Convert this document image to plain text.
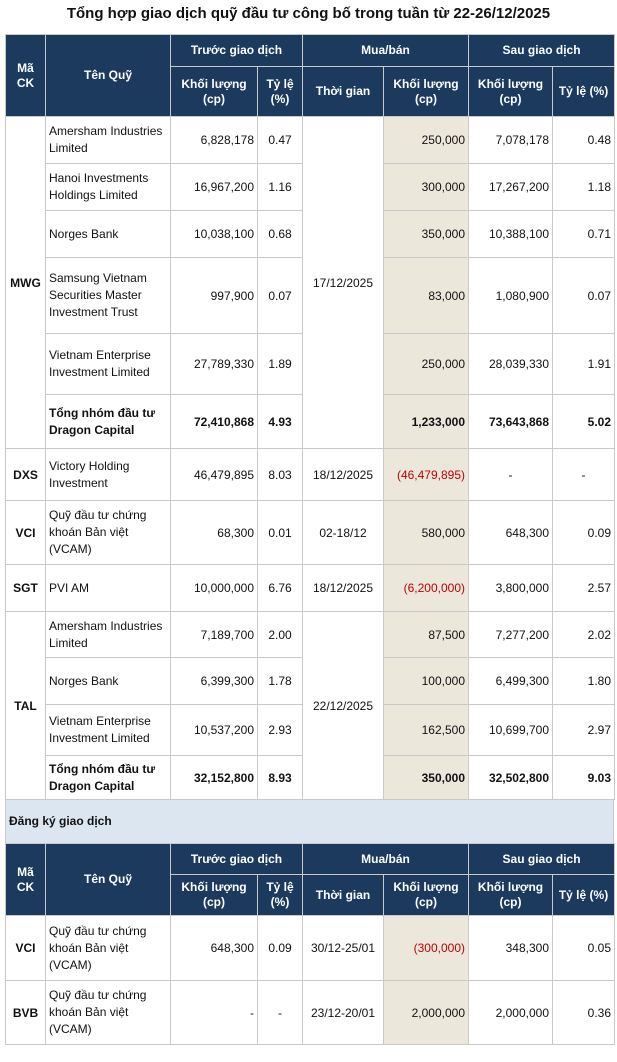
Tổng hợp giao dịch quỹ đầu tư công bố trong tuần từ 22-26/12/2025
Mã CK	Tên Quỹ	Trước giao dịch		Mua/bán		Sau giao dịch	
		Khối lượng (cp)	Tỷ lệ (%)	Thời gian	Khối lượng (cp)	Khối lượng (cp)	Tỷ lệ (%)
MWG	Amersham Industries Limited	6,828,178	0.47	17/12/2025	250,000	7,078,178	0.48
	Hanoi Investments Holdings Limited	16,967,200	1.16		300,000	17,267,200	1.18
	Norges Bank	10,038,100	0.68		350,000	10,388,100	0.71
	Samsung Vietnam Securities Master Investment Trust	997,900	0.07		83,000	1,080,900	0.07
	Vietnam Enterprise Investment Limited	27,789,330	1.89		250,000	28,039,330	1.91
	Tổng nhóm đầu tư Dragon Capital	72,410,868	4.93		1,233,000	73,643,868	5.02
DXS	Victory Holding Investment	46,479,895	8.03	18/12/2025	(46,479,895)	-	-
VCI	Quỹ đầu tư chứng khoán Bản việt (VCAM)	68,300	0.01	02-18/12	580,000	648,300	0.09
SGT	PVI AM	10,000,000	6.76	18/12/2025	(6,200,000)	3,800,000	2.57
TAL	Amersham Industries Limited	7,189,700	2.00	22/12/2025	87,500	7,277,200	2.02
	Norges Bank	6,399,300	1.78		100,000	6,499,300	1.80
	Vietnam Enterprise Investment Limited	10,537,200	2.93		162,500	10,699,700	2.97
	Tổng nhóm đầu tư Dragon Capital	32,152,800	8.93		350,000	32,502,800	9.03
Đăng ký giao dịch
Mã CK	Tên Quỹ	Trước giao dịch		Mua/bán		Sau giao dịch	
		Khối lượng (cp)	Tỷ lệ (%)	Thời gian	Khối lượng (cp)	Khối lượng (cp)	Tỷ lệ (%)
VCI	Quỹ đầu tư chứng khoán Bản việt (VCAM)	648,300	0.09	30/12-25/01	(300,000)	348,300	0.05
BVB	Quỹ đầu tư chứng khoán Bản việt (VCAM)	-	-	23/12-20/01	2,000,000	2,000,000	0.36
